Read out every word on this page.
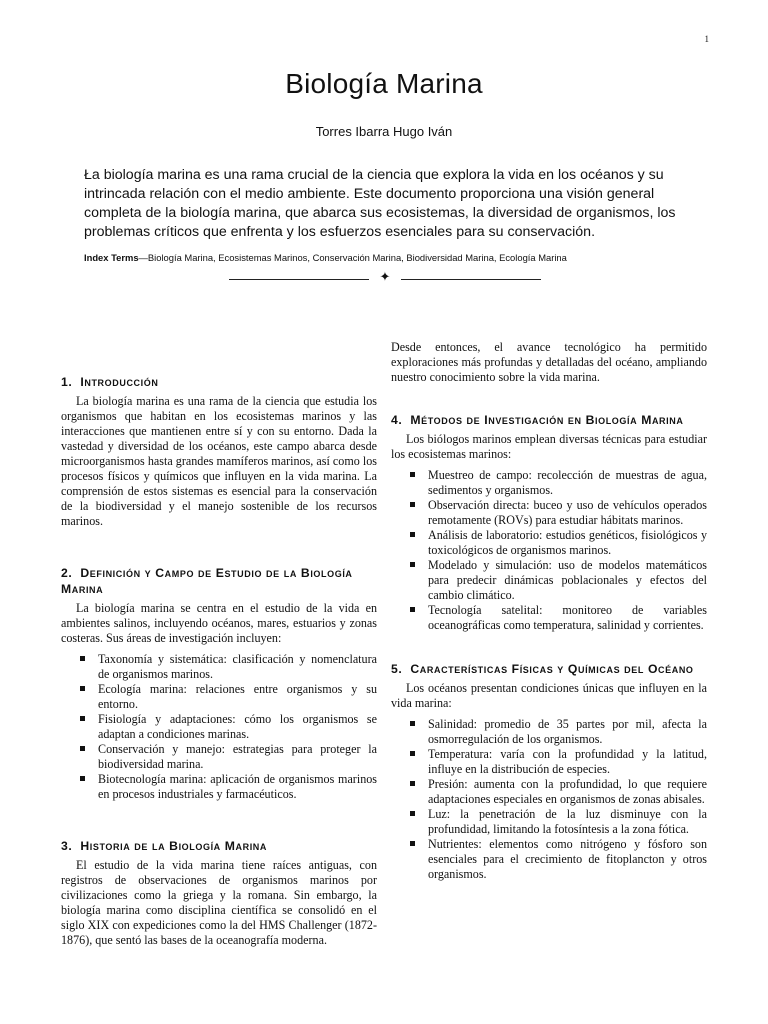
1
Biología Marina
Torres Ibarra Hugo Iván

Łа biología marina es una rama crucial de la ciencia que explora la vida en los océanos y su intrincada relación con el medio ambiente. Este documento proporciona una visión general completa de la biología marina, que abarca sus ecosistemas, la diversidad de organismos, los problemas críticos que enfrenta y los esfuerzos esenciales para su conservación.

Index Terms—Biología Marina, Ecosistemas Marinos, Conservación Marina, Biodiversidad Marina, Ecología Marina

✦
1. Introducción

La biología marina es una rama de la ciencia que estudia los organismos que habitan en los ecosistemas marinos y las interacciones que mantienen entre sí y con su entorno. Dada la vastedad y diversidad de los océanos, este campo abarca desde microorganismos hasta grandes mamíferos marinos, así como los procesos físicos y químicos que influyen en la vida marina. La comprensión de estos sistemas es esencial para la conservación de la biodiversidad y el manejo sostenible de los recursos marinos.

2. Definición y Campo de Estudio de la Biología Marina

La biología marina se centra en el estudio de la vida en ambientes salinos, incluyendo océanos, mares, estuarios y zonas costeras. Sus áreas de investigación incluyen:

Taxonomía y sistemática: clasificación y nomenclatura de organismos marinos.
Ecología marina: relaciones entre organismos y su entorno.
Fisiología y adaptaciones: cómo los organismos se adaptan a condiciones marinas.
Conservación y manejo: estrategias para proteger la biodiversidad marina.
Biotecnología marina: aplicación de organismos marinos en procesos industriales y farmacéuticos.
3. Historia de la Biología Marina

El estudio de la vida marina tiene raíces antiguas, con registros de observaciones de organismos marinos por civilizaciones como la griega y la romana. Sin embargo, la biología marina como disciplina científica se consolidó en el siglo XIX con expediciones como la del HMS Challenger (1872-1876), que sentó las bases de la oceanografía moderna.

Desde entonces, el avance tecnológico ha permitido exploraciones más profundas y detalladas del océano, ampliando nuestro conocimiento sobre la vida marina.

4. Métodos de Investigación en Biología Marina

Los biólogos marinos emplean diversas técnicas para estudiar los ecosistemas marinos:

Muestreo de campo: recolección de muestras de agua, sedimentos y organismos.
Observación directa: buceo y uso de vehículos operados remotamente (ROVs) para estudiar hábitats marinos.
Análisis de laboratorio: estudios genéticos, fisiológicos y toxicológicos de organismos marinos.
Modelado y simulación: uso de modelos matemáticos para predecir dinámicas poblacionales y efectos del cambio climático.
Tecnología satelital: monitoreo de variables oceanográficas como temperatura, salinidad y corrientes.
5. Características Físicas y Químicas del Océano

Los océanos presentan condiciones únicas que influyen en la vida marina:

Salinidad: promedio de 35 partes por mil, afecta la osmorregulación de los organismos.
Temperatura: varía con la profundidad y la latitud, influye en la distribución de especies.
Presión: aumenta con la profundidad, lo que requiere adaptaciones especiales en organismos de zonas abisales.
Luz: la penetración de la luz disminuye con la profundidad, limitando la fotosíntesis a la zona fótica.
Nutrientes: elementos como nitrógeno y fósforo son esenciales para el crecimiento de fitoplancton y otros organismos.
